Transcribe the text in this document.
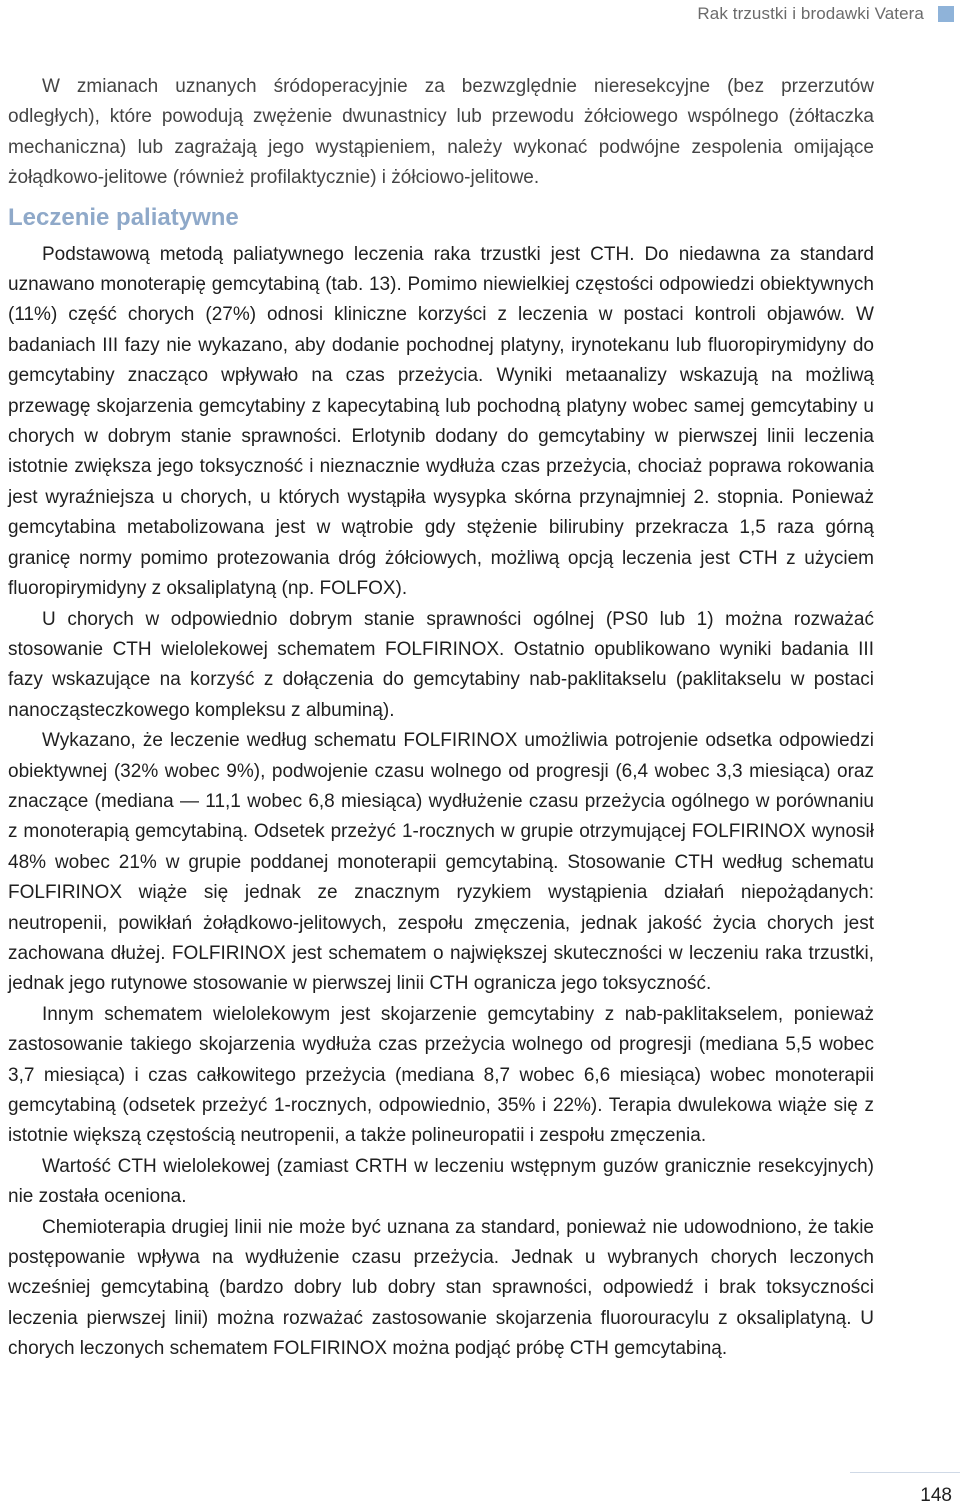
Rak trzustki i brodawki Vatera

W zmianach uznanych śródoperacyjnie za bezwzględnie nieresekcyjne (bez przerzutów odległych), które powodują zwężenie dwunastnicy lub przewodu żółciowego wspólnego (żółtaczka mechaniczna) lub zagrażają jego wystąpieniem, należy wykonać podwójne zespolenia omijające żołądkowo-jelitowe (również profilaktycznie) i żółciowo-jelitowe.

Leczenie paliatywne

Podstawową metodą paliatywnego leczenia raka trzustki jest CTH. Do niedawna za standard uznawano monoterapię gemcytabiną (tab. 13). Pomimo niewielkiej częstości odpowiedzi obiektywnych (11%) część chorych (27%) odnosi kliniczne korzyści z leczenia w postaci kontroli objawów. W badaniach III fazy nie wykazano, aby dodanie pochodnej platyny, irynotekanu lub fluoropirymidyny do gemcytabiny znacząco wpływało na czas przeżycia. Wyniki metaanalizy wskazują na możliwą przewagę skojarzenia gemcytabiny z kapecytabiną lub pochodną platyny wobec samej gemcytabiny u chorych w dobrym stanie sprawności. Erlotynib dodany do gemcytabiny w pierwszej linii leczenia istotnie zwiększa jego toksyczność i nieznacznie wydłuża czas przeżycia, chociaż poprawa rokowania jest wyraźniejsza u chorych, u których wystąpiła wysypka skórna przynajmniej 2. stopnia. Ponieważ gemcytabina metabolizowana jest w wątrobie gdy stężenie bilirubiny przekracza 1,5 raza górną granicę normy pomimo protezowania dróg żółciowych, możliwą opcją leczenia jest CTH z użyciem fluoropirymidyny z oksaliplatyną (np. FOLFOX).

U chorych w odpowiednio dobrym stanie sprawności ogólnej (PS0 lub 1) można rozważać stosowanie CTH wielolekowej schematem FOLFIRINOX. Ostatnio opublikowano wyniki badania III fazy wskazujące na korzyść z dołączenia do gemcytabiny nab-paklitakselu (paklitakselu w postaci nanocząsteczkowego kompleksu z albuminą).

Wykazano, że leczenie według schematu FOLFIRINOX umożliwia potrojenie odsetka odpowiedzi obiektywnej (32% wobec 9%), podwojenie czasu wolnego od progresji (6,4 wobec 3,3 miesiąca) oraz znaczące (mediana — 11,1 wobec 6,8 miesiąca) wydłużenie czasu przeżycia ogólnego w porównaniu z monoterapią gemcytabiną. Odsetek przeżyć 1-rocznych w grupie otrzymującej FOLFIRINOX wynosił 48% wobec 21% w grupie poddanej monoterapii gemcytabiną. Stosowanie CTH według schematu FOLFIRINOX wiąże się jednak ze znacznym ryzykiem wystąpienia działań niepożądanych: neutropenii, powikłań żołądkowo-jelitowych, zespołu zmęczenia, jednak jakość życia chorych jest zachowana dłużej. FOLFIRINOX jest schematem o największej skuteczności w leczeniu raka trzustki, jednak jego rutynowe stosowanie w pierwszej linii CTH ogranicza jego toksyczność.

Innym schematem wielolekowym jest skojarzenie gemcytabiny z nab-paklitakselem, ponieważ zastosowanie takiego skojarzenia wydłuża czas przeżycia wolnego od progresji (mediana 5,5 wobec 3,7 miesiąca) i czas całkowitego przeżycia (mediana 8,7 wobec 6,6 miesiąca) wobec monoterapii gemcytabiną (odsetek przeżyć 1-rocznych, odpowiednio, 35% i 22%). Terapia dwulekowa wiąże się z istotnie większą częstością neutropenii, a także polineuropatii i zespołu zmęczenia.

Wartość CTH wielolekowej (zamiast CRTH w leczeniu wstępnym guzów granicznie resekcyjnych) nie została oceniona.

Chemioterapia drugiej linii nie może być uznana za standard, ponieważ nie udowodniono, że takie postępowanie wpływa na wydłużenie czasu przeżycia. Jednak u wybranych chorych leczonych wcześniej gemcytabiną (bardzo dobry lub dobry stan sprawności, odpowiedź i brak toksyczności leczenia pierwszej linii) można rozważać zastosowanie skojarzenia fluorouracylu z oksaliplatyną. U chorych leczonych schematem FOLFIRINOX można podjąć próbę CTH gemcytabiną.

148
